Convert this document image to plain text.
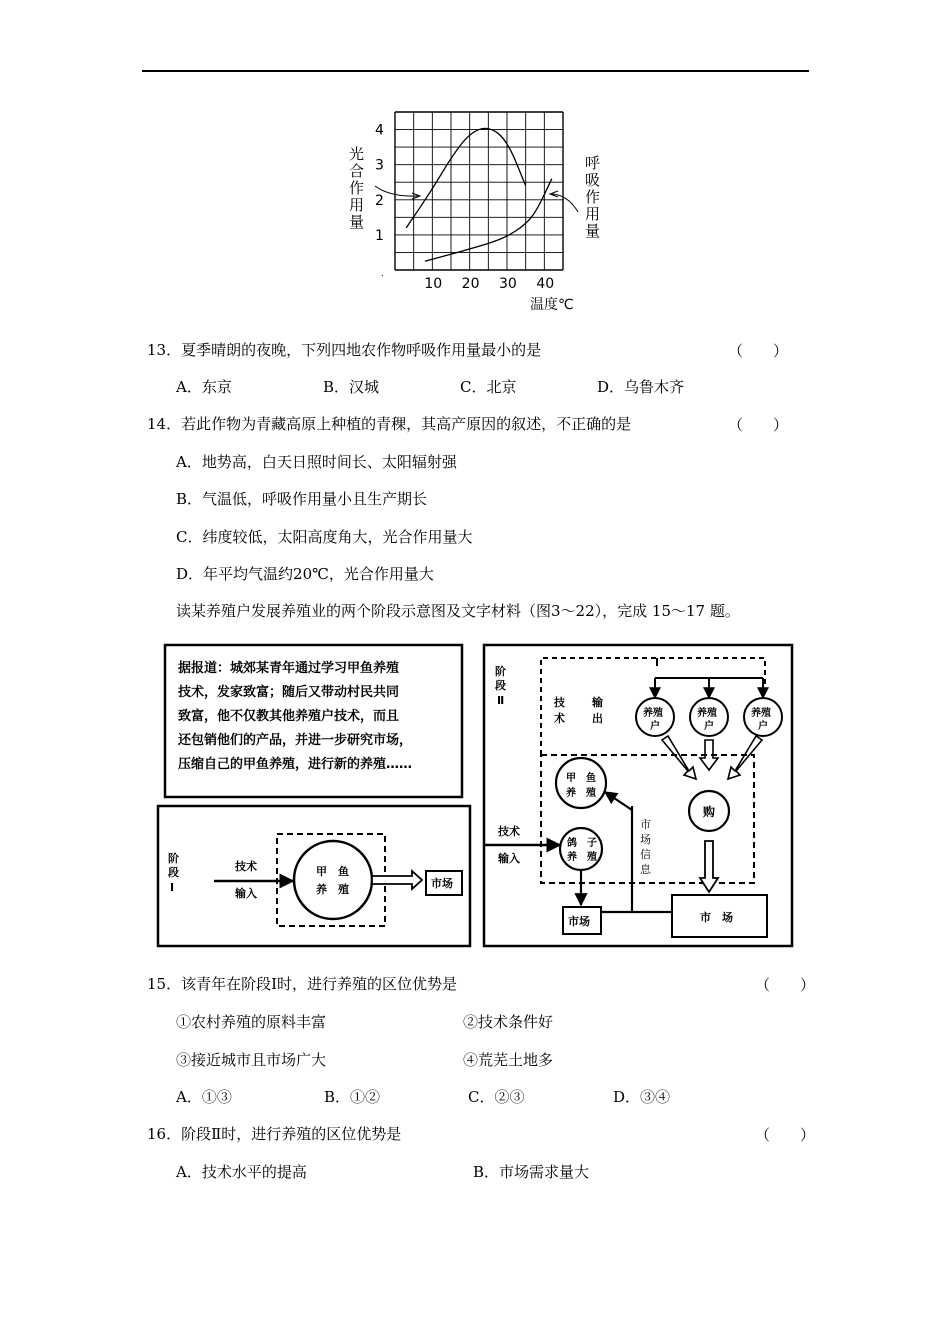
10 20 30 40
1
2
3
4
.
光合作用量
呼吸作用量
温度℃
13．夏季晴朗的夜晚，下列四地农作物呼吸作用量最小的是	（　　）
A．东京	B．汉城	C．北京	D．乌鲁木齐
14．若此作物为青藏高原上种植的青稞，其高产原因的叙述，不正确的是	（　　）
A．地势高，白天日照时间长、太阳辐射强
B．气温低，呼吸作用量小且生产期长
C．纬度较低，太阳高度角大，光合作用量大
D．年平均气温约20℃，光合作用量大
读某养殖户发展养殖业的两个阶段示意图及文字材料（图3～22），完成 15～17 题。
据报道：城郊某青年通过学习甲鱼养殖
技术，发家致富；随后又带动村民共同
致富，他不仅教其他养殖户技术，而且
还包销他们的产品，并进一步研究市场，
压缩自己的甲鱼养殖，进行新的养殖……
阶
段
Ⅰ
技术
输入
甲　鱼
养　殖	市场
阶
段
Ⅱ	技
术
输
出	养殖
户
养殖
户
养殖
户
甲　鱼
养　殖
购
市
场
信
息
技术
输入
鸽　子
养　殖
市场	市　场
15．该青年在阶段Ⅰ时，进行养殖的区位优势是	（　　）
①农村养殖的原料丰富	②技术条件好
③接近城市且市场广大	④荒芜土地多
A．①③	B．①②	C．②③	D．③④
16．阶段Ⅱ时，进行养殖的区位优势是	（　　）
A．技术水平的提高	B．市场需求量大
